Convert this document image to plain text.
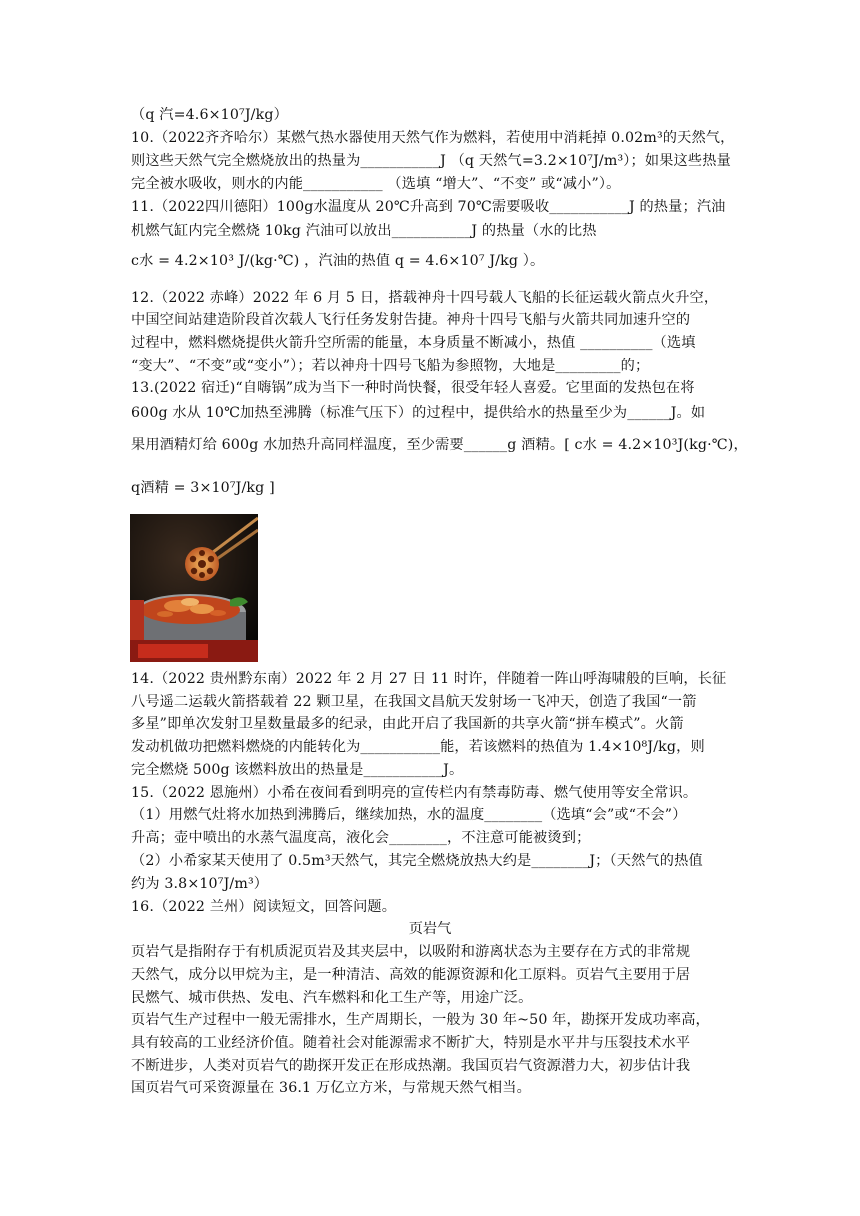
（q 汽=4.6×10⁷J/kg）
10.（2022齐齐哈尔）某燃气热水器使用天然气作为燃料，若使用中消耗掉 0.02m³的天然气，
则这些天然气完全燃烧放出的热量为___________J （q 天然气=3.2×10⁷J/m³）；如果这些热量
完全被水吸收，则水的内能___________ （选填 “增大”、“不变” 或“减小”）。
11.（2022四川德阳）100g水温度从 20℃升高到 70℃需要吸收___________J 的热量；汽油
机燃气缸内完全燃烧 10kg 汽油可以放出___________J 的热量（水的比热
c水 = 4.2×10³ J/(kg·℃) ，汽油的热值 q = 4.6×10⁷ J/kg ）。
12.（2022 赤峰）2022 年 6 月 5 日，搭载神舟十四号载人飞船的长征运载火箭点火升空，
中国空间站建造阶段首次载人飞行任务发射告捷。神舟十四号飞船与火箭共同加速升空的
过程中，燃料燃烧提供火箭升空所需的能量，本身质量不断减小，热值 __________（选填
“变大”、“不变”或“变小”）；若以神舟十四号飞船为参照物，大地是_________的；
13.(2022 宿迁)“自嗨锅”成为当下一种时尚快餐，很受年轻人喜爱。它里面的发热包在将
600g 水从 10℃加热至沸腾（标准气压下）的过程中，提供给水的热量至少为______J。如
果用酒精灯给 600g 水加热升高同样温度，至少需要______g 酒精。[ c水 = 4.2×10³J(kg·℃)，
q酒精 = 3×10⁷J/kg ]
14.（2022 贵州黔东南）2022 年 2 月 27 日 11 时许，伴随着一阵山呼海啸般的巨响，长征
八号遥二运载火箭搭载着 22 颗卫星，在我国文昌航天发射场一飞冲天，创造了我国“一箭
多星”即单次发射卫星数量最多的纪录，由此开启了我国新的共享火箭“拼车模式”。火箭
发动机做功把燃料燃烧的内能转化为___________能，若该燃料的热值为 1.4×10⁸J/kg，则
完全燃烧 500g 该燃料放出的热量是___________J。
15.（2022 恩施州）小希在夜间看到明亮的宣传栏内有禁毒防毒、燃气使用等安全常识。
（1）用燃气灶将水加热到沸腾后，继续加热，水的温度________（选填“会”或“不会”）
升高；壶中喷出的水蒸气温度高，液化会________，不注意可能被烫到；
（2）小希家某天使用了 0.5m³天然气，其完全燃烧放热大约是________J；（天然气的热值
约为 3.8×10⁷J/m³）
16.（2022 兰州）阅读短文，回答问题。
页岩气
页岩气是指附存于有机质泥页岩及其夹层中，以吸附和游离状态为主要存在方式的非常规
天然气，成分以甲烷为主，是一种清洁、高效的能源资源和化工原料。页岩气主要用于居
民燃气、城市供热、发电、汽车燃料和化工生产等，用途广泛。
页岩气生产过程中一般无需排水，生产周期长，一般为 30 年~50 年，勘探开发成功率高，
具有较高的工业经济价值。随着社会对能源需求不断扩大，特别是水平井与压裂技术水平
不断进步，人类对页岩气的勘探开发正在形成热潮。我国页岩气资源潜力大，初步估计我
国页岩气可采资源量在 36.1 万亿立方米，与常规天然气相当。
